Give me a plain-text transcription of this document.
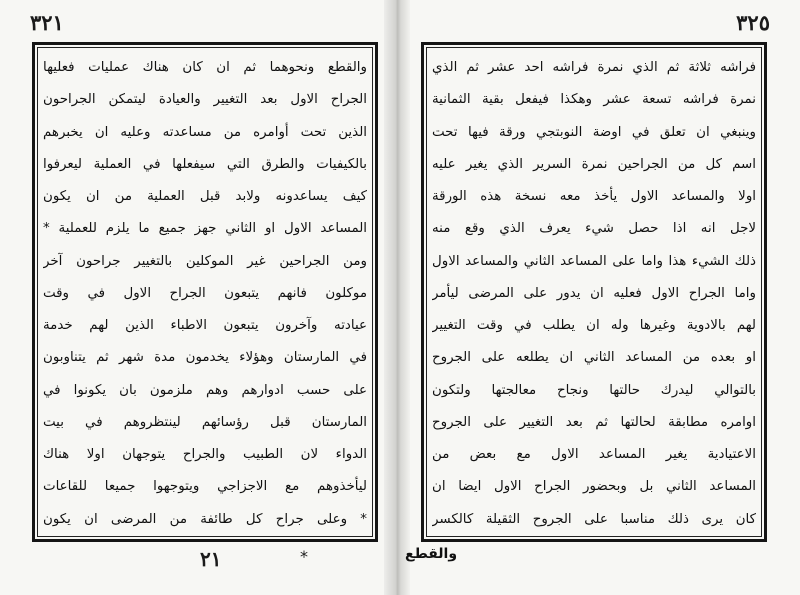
٣٢١
والقطع ونحوهما ثم ان كان هناك عمليات فعليها
الجراح الاول بعد التغيير والعيادة ليتمكن الجراحون
الذين تحت أوامره من مساعدته وعليه ان يخبرهم
بالكيفيات والطرق التي سيفعلها في العملية ليعرفوا
كيف يساعدونه ولابد قبل العملية من ان يكون
المساعد الاول او الثاني جهز جميع ما يلزم للعملية *
ومن الجراحين غير الموكلين بالتغيير جراحون آخر
موكلون فانهم يتبعون الجراح الاول في وقت
عيادته وآخرون يتبعون الاطباء الذين لهم خدمة
في المارستان وهؤلاء يخدمون مدة شهر ثم يتناوبون
على حسب ادوارهم وهم ملزمون بان يكونوا في
المارستان قبل رؤسائهم لينتظروهم في بيت
الدواء لان الطبيب والجراح يتوجهان اولا هناك
ليأخذوهم مع الاجزاجي ويتوجهوا جميعا للقاعات
* وعلى جراح كل طائفة من المرضى ان يكون
٢١	*
٣٢٥
فراشه ثلاثة ثم الذي نمرة فراشه احد عشر ثم الذي
نمرة فراشه تسعة عشر وهكذا فيفعل بقية الثمانية
وينبغي ان تعلق في اوضة النوبتجي ورقة فيها تحت
اسم كل من الجراحين نمرة السرير الذي يغير عليه
اولا والمساعد الاول يأخذ معه نسخة هذه الورقة
لاجل انه اذا حصل شيء يعرف الذي وقع منه
ذلك الشيء هذا واما على المساعد الثاني والمساعد الاول
واما الجراح الاول فعليه ان يدور على المرضى ليأمر
لهم بالادوية وغيرها وله ان يطلب في وقت التغيير
او بعده من المساعد الثاني ان يطلعه على الجروح
بالتوالي ليدرك حالتها ونجاح معالجتها ولتكون
اوامره مطابقة لحالتها ثم بعد التغيير على الجروح
الاعتيادية يغير المساعد الاول مع بعض من
المساعد الثاني بل وبحضور الجراح الاول ايضا ان
كان يرى ذلك مناسبا على الجروح الثقيلة كالكسر
والقطع
